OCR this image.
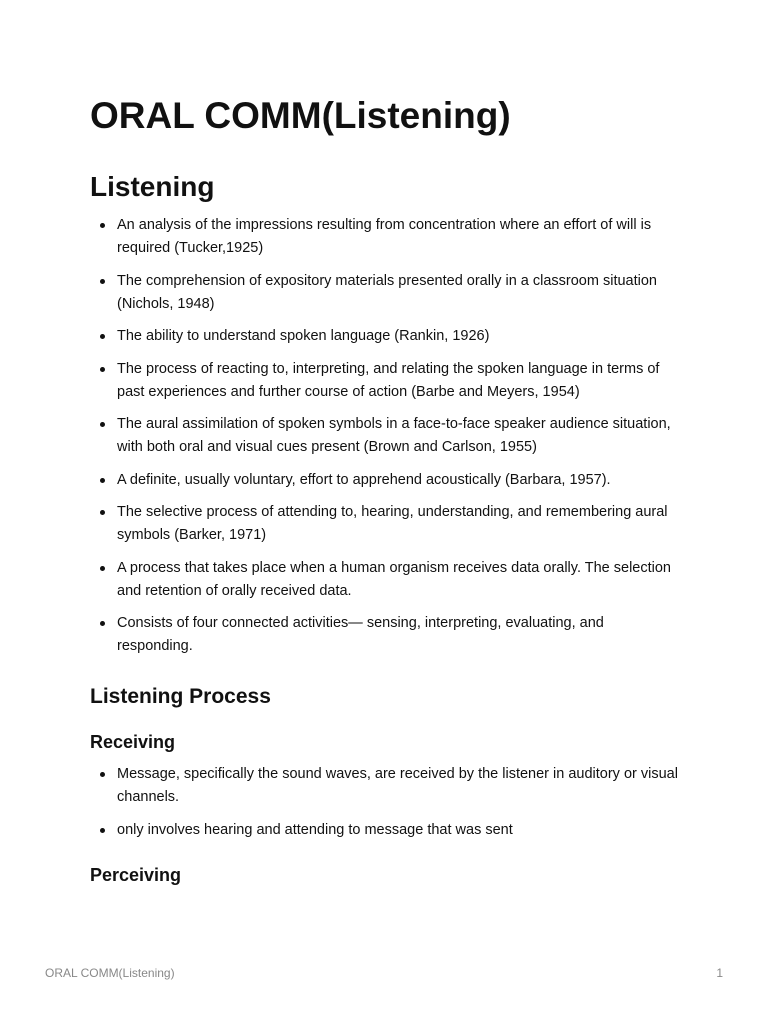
ORAL COMM(Listening)
Listening
An analysis of the impressions resulting from concentration where an effort of will is required (Tucker,1925)
The comprehension of expository materials presented orally in a classroom situation (Nichols, 1948)
The ability to understand spoken language (Rankin, 1926)
The process of reacting to, interpreting, and relating the spoken language in terms of past experiences and further course of action (Barbe and Meyers, 1954)
The aural assimilation of spoken symbols in a face-to-face speaker audience situation, with both oral and visual cues present (Brown and Carlson, 1955)
A definite, usually voluntary, effort to apprehend acoustically (Barbara, 1957).
The selective process of attending to, hearing, understanding, and remembering aural symbols (Barker, 1971)
A process that takes place when a human organism receives data orally. The selection and retention of orally received data.
Consists of four connected activities— sensing, interpreting, evaluating, and responding.
Listening Process
Receiving
Message, specifically the sound waves, are received by the listener in auditory or visual channels.
only involves hearing and attending to message that was sent
Perceiving
ORAL COMM(Listening)	1
